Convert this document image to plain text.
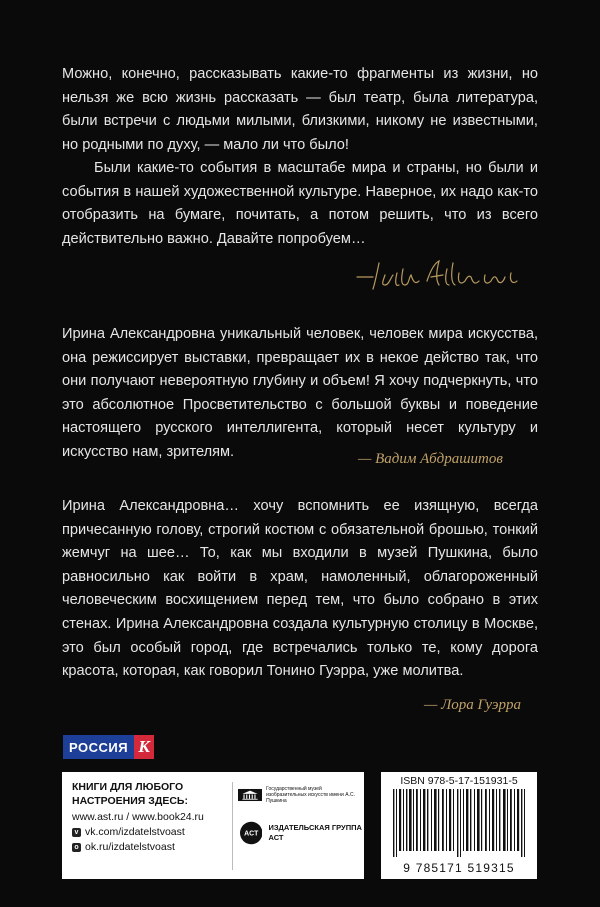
Можно, конечно, рассказывать какие-то фрагменты из жизни, но нельзя же всю жизнь рассказать — был театр, была литература, были встречи с людьми милыми, близкими, никому не известными, но родными по духу, — мало ли что было!

Были какие-то события в масштабе мира и страны, но были и события в нашей художественной культуре. Наверное, их надо как-то отобразить на бумаге, почитать, а потом решить, что из всего действительно важно. Давайте попробуем…

Ирина Александровна уникальный человек, человек мира искусства, она режиссирует выставки, превращает их в некое действо так, что они получают невероятную глубину и объем! Я хочу подчеркнуть, что это абсолютное Просветительство с большой буквы и поведение настоящего русского интеллигента, который несет культуру и искусство нам, зрителям.	— Вадим Абдрашитов

Ирина Александровна… хочу вспомнить ее изящную, всегда причесанную голову, строгий костюм с обязательной брошью, тонкий жемчуг на шее… То, как мы входили в музей Пушкина, было равносильно как войти в храм, намоленный, облагороженный человеческим восхищением перед тем, что было собрано в этих стенах. Ирина Александровна создала культурную столицу в Москве, это был особый город, где встречались только те, кому дорога красота, которая, как говорил Тонино Гуэрра, уже молитва.

— Лора Гуэрра
РОССИЯ К
КНИГИ ДЛЯ ЛЮБОГО НАСТРОЕНИЯ ЗДЕСЬ:
www.ast.ru / www.book24.ru
v vk.com/izdatelstvoast
o ok.ru/izdatelstvoast
Государственный музей изобразительных искусств имени А.С. Пушкина
ACT
ИЗДАТЕЛЬСКАЯ ГРУППА АСТ
ISBN 978-5-17-151931-5
9 785171 519315
